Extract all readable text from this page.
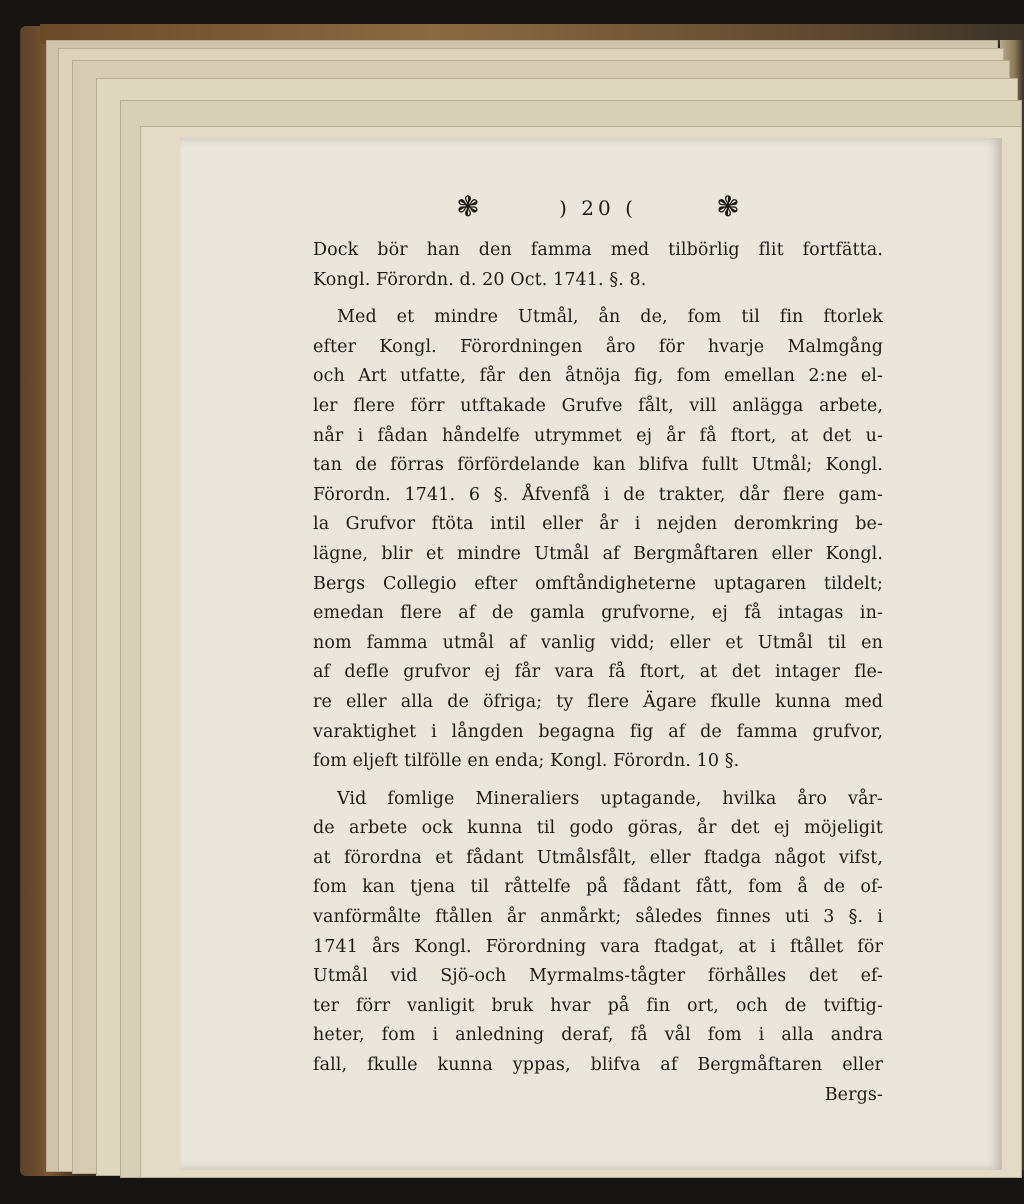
❃	) 20 (	❃
Dock bör han den famma med tilbörlig flit fortfätta.
Kongl. Förordn. d. 20 Oct. 1741. §. 8.
Med et mindre Utmål, ån de, fom til fin ftorlek
efter Kongl. Förordningen åro för hvarje Malmgång
och Art utfatte, får den åtnöja fig, fom emellan 2:ne el-
ler flere förr utftakade Grufve fålt, vill anlägga arbete,
når i fådan håndelfe utrymmet ej år få ftort, at det u-
tan de förras förfördelande kan blifva fullt Utmål; Kongl.
Förordn. 1741. 6 §. Åfvenfå i de trakter, dår flere gam-
la Grufvor ftöta intil eller år i nejden deromkring be-
lägne, blir et mindre Utmål af Bergmåftaren eller Kongl.
Bergs Collegio efter omftåndigheterne uptagaren tildelt;
emedan flere af de gamla grufvorne, ej få intagas in-
nom famma utmål af vanlig vidd; eller et Utmål til en
af defle grufvor ej får vara få ftort, at det intager fle-
re eller alla de öfriga; ty flere Ägare fkulle kunna med
varaktighet i långden begagna fig af de famma grufvor,
fom eljeft tilfölle en enda; Kongl. Förordn. 10 §.
Vid fomlige Mineraliers uptagande, hvilka åro vår-
de arbete ock kunna til godo göras, år det ej möjeligit
at förordna et fådant Utmålsfålt, eller ftadga något vifst,
fom kan tjena til råttelfe på fådant fått, fom å de of-
vanförmålte ftållen år anmårkt; således finnes uti 3 §. i
1741 års Kongl. Förordning vara ftadgat, at i ftållet för
Utmål vid Sjö-och Myrmalms-tågter förhålles det ef-
ter förr vanligit bruk hvar på fin ort, och de tviftig-
heter, fom i anledning deraf, få vål fom i alla andra
fall, fkulle kunna yppas, blifva af Bergmåftaren eller
Bergs-
